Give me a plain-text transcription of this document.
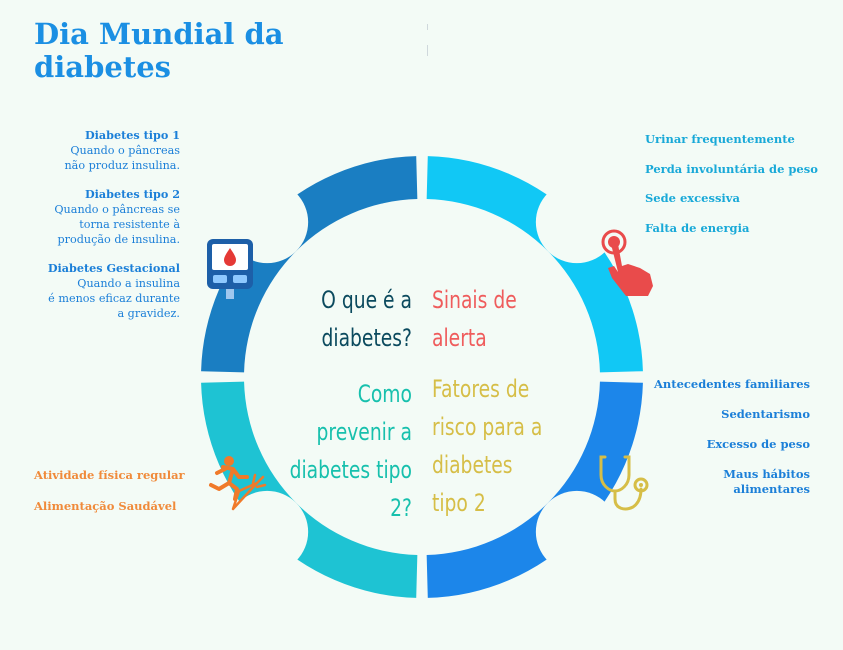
Dia Mundial da diabetes
O que é a
diabetes?
Sinais de
alerta
Como
prevenir a
diabetes tipo
2?
Fatores de
risco para a
diabetes
tipo 2
Diabetes tipo 1
Quando o pâncreas
não produz insulina.
Diabetes tipo 2
Quando o pâncreas se
torna resistente à
produção de insulina.
Diabetes Gestacional
Quando a insulina
é menos eficaz durante
a gravidez.
Urinar frequentemente
Perda involuntária de peso
Sede excessiva
Falta de energia
Antecedentes familiares
Sedentarismo
Excesso de peso
Maus hábitos alimentares
Atividade física regular
Alimentação Saudável
